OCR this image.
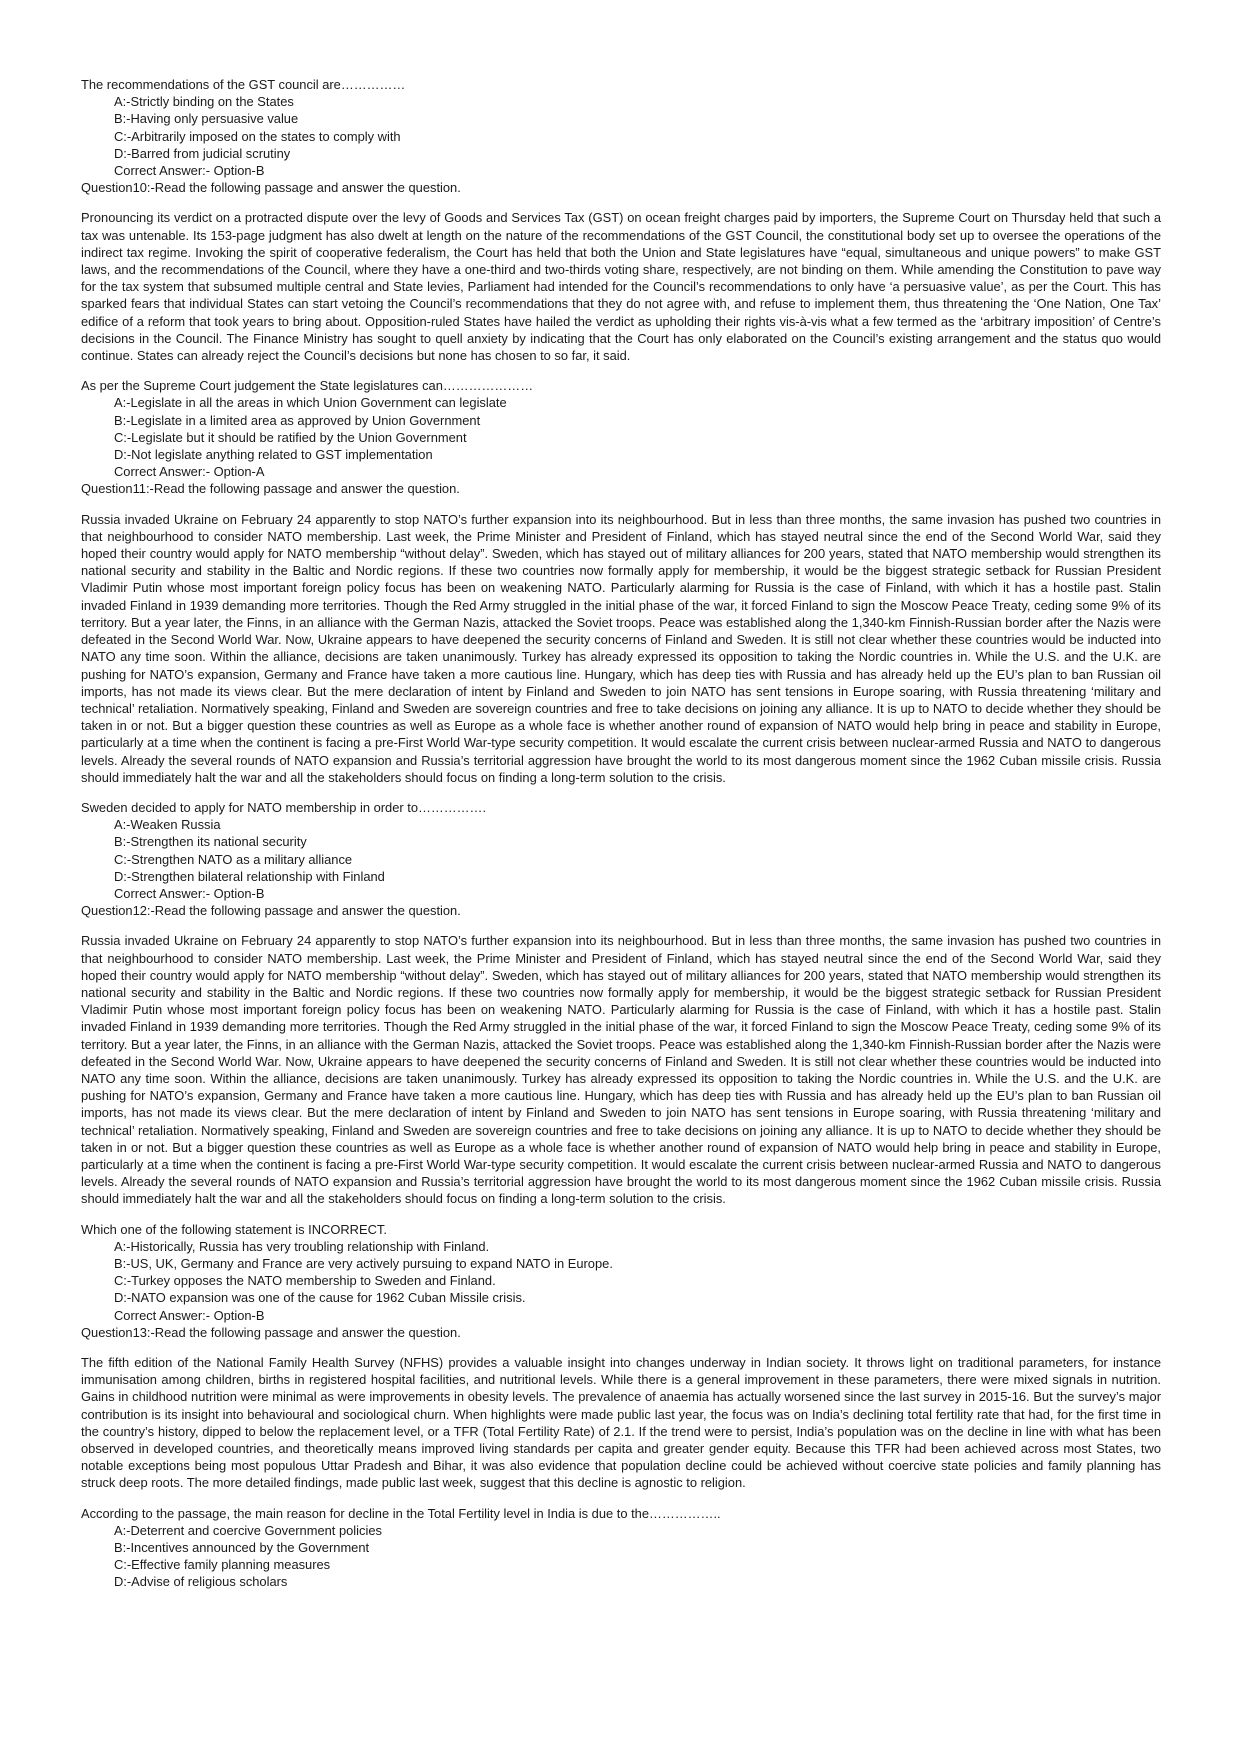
The recommendations of the GST council are……………
A:-Strictly binding on the States
B:-Having only persuasive value
C:-Arbitrarily imposed on the states to comply with
D:-Barred from judicial scrutiny
Correct Answer:- Option-B
Question10:-Read the following passage and answer the question.
Pronouncing its verdict on a protracted dispute over the levy of Goods and Services Tax (GST) on ocean freight charges paid by importers, the Supreme Court on Thursday held that such a tax was untenable. Its 153-page judgment has also dwelt at length on the nature of the recommendations of the GST Council, the constitutional body set up to oversee the operations of the indirect tax regime. Invoking the spirit of cooperative federalism, the Court has held that both the Union and State legislatures have “equal, simultaneous and unique powers” to make GST laws, and the recommendations of the Council, where they have a one-third and two-thirds voting share, respectively, are not binding on them. While amending the Constitution to pave way for the tax system that subsumed multiple central and State levies, Parliament had intended for the Council’s recommendations to only have ‘a persuasive value’, as per the Court. This has sparked fears that individual States can start vetoing the Council’s recommendations that they do not agree with, and refuse to implement them, thus threatening the ‘One Nation, One Tax’ edifice of a reform that took years to bring about. Opposition-ruled States have hailed the verdict as upholding their rights vis-à-vis what a few termed as the ‘arbitrary imposition’ of Centre’s decisions in the Council. The Finance Ministry has sought to quell anxiety by indicating that the Court has only elaborated on the Council’s existing arrangement and the status quo would continue. States can already reject the Council’s decisions but none has chosen to so far, it said.
As per the Supreme Court judgement the State legislatures can…………………
A:-Legislate in all the areas in which Union Government can legislate
B:-Legislate in a limited area as approved by Union Government
C:-Legislate but it should be ratified by the Union Government
D:-Not legislate anything related to GST implementation
Correct Answer:- Option-A
Question11:-Read the following passage and answer the question.
Russia invaded Ukraine on February 24 apparently to stop NATO’s further expansion into its neighbourhood. But in less than three months, the same invasion has pushed two countries in that neighbourhood to consider NATO membership. Last week, the Prime Minister and President of Finland, which has stayed neutral since the end of the Second World War, said they hoped their country would apply for NATO membership “without delay”. Sweden, which has stayed out of military alliances for 200 years, stated that NATO membership would strengthen its national security and stability in the Baltic and Nordic regions. If these two countries now formally apply for membership, it would be the biggest strategic setback for Russian President Vladimir Putin whose most important foreign policy focus has been on weakening NATO. Particularly alarming for Russia is the case of Finland, with which it has a hostile past. Stalin invaded Finland in 1939 demanding more territories. Though the Red Army struggled in the initial phase of the war, it forced Finland to sign the Moscow Peace Treaty, ceding some 9% of its territory. But a year later, the Finns, in an alliance with the German Nazis, attacked the Soviet troops. Peace was established along the 1,340-km Finnish-Russian border after the Nazis were defeated in the Second World War. Now, Ukraine appears to have deepened the security concerns of Finland and Sweden. It is still not clear whether these countries would be inducted into NATO any time soon. Within the alliance, decisions are taken unanimously. Turkey has already expressed its opposition to taking the Nordic countries in. While the U.S. and the U.K. are pushing for NATO’s expansion, Germany and France have taken a more cautious line. Hungary, which has deep ties with Russia and has already held up the EU’s plan to ban Russian oil imports, has not made its views clear. But the mere declaration of intent by Finland and Sweden to join NATO has sent tensions in Europe soaring, with Russia threatening ‘military and technical’ retaliation. Normatively speaking, Finland and Sweden are sovereign countries and free to take decisions on joining any alliance. It is up to NATO to decide whether they should be taken in or not. But a bigger question these countries as well as Europe as a whole face is whether another round of expansion of NATO would help bring in peace and stability in Europe, particularly at a time when the continent is facing a pre-First World War-type security competition. It would escalate the current crisis between nuclear-armed Russia and NATO to dangerous levels. Already the several rounds of NATO expansion and Russia’s territorial aggression have brought the world to its most dangerous moment since the 1962 Cuban missile crisis. Russia should immediately halt the war and all the stakeholders should focus on finding a long-term solution to the crisis.
Sweden decided to apply for NATO membership in order to…………….
A:-Weaken Russia
B:-Strengthen its national security
C:-Strengthen NATO as a military alliance
D:-Strengthen bilateral relationship with Finland
Correct Answer:- Option-B
Question12:-Read the following passage and answer the question.
Russia invaded Ukraine on February 24 apparently to stop NATO’s further expansion into its neighbourhood. But in less than three months, the same invasion has pushed two countries in that neighbourhood to consider NATO membership. Last week, the Prime Minister and President of Finland, which has stayed neutral since the end of the Second World War, said they hoped their country would apply for NATO membership “without delay”. Sweden, which has stayed out of military alliances for 200 years, stated that NATO membership would strengthen its national security and stability in the Baltic and Nordic regions. If these two countries now formally apply for membership, it would be the biggest strategic setback for Russian President Vladimir Putin whose most important foreign policy focus has been on weakening NATO. Particularly alarming for Russia is the case of Finland, with which it has a hostile past. Stalin invaded Finland in 1939 demanding more territories. Though the Red Army struggled in the initial phase of the war, it forced Finland to sign the Moscow Peace Treaty, ceding some 9% of its territory. But a year later, the Finns, in an alliance with the German Nazis, attacked the Soviet troops. Peace was established along the 1,340-km Finnish-Russian border after the Nazis were defeated in the Second World War. Now, Ukraine appears to have deepened the security concerns of Finland and Sweden. It is still not clear whether these countries would be inducted into NATO any time soon. Within the alliance, decisions are taken unanimously. Turkey has already expressed its opposition to taking the Nordic countries in. While the U.S. and the U.K. are pushing for NATO’s expansion, Germany and France have taken a more cautious line. Hungary, which has deep ties with Russia and has already held up the EU’s plan to ban Russian oil imports, has not made its views clear. But the mere declaration of intent by Finland and Sweden to join NATO has sent tensions in Europe soaring, with Russia threatening ‘military and technical’ retaliation. Normatively speaking, Finland and Sweden are sovereign countries and free to take decisions on joining any alliance. It is up to NATO to decide whether they should be taken in or not. But a bigger question these countries as well as Europe as a whole face is whether another round of expansion of NATO would help bring in peace and stability in Europe, particularly at a time when the continent is facing a pre-First World War-type security competition. It would escalate the current crisis between nuclear-armed Russia and NATO to dangerous levels. Already the several rounds of NATO expansion and Russia’s territorial aggression have brought the world to its most dangerous moment since the 1962 Cuban missile crisis. Russia should immediately halt the war and all the stakeholders should focus on finding a long-term solution to the crisis.
Which one of the following statement is INCORRECT.
A:-Historically, Russia has very troubling relationship with Finland.
B:-US, UK, Germany and France are very actively pursuing to expand NATO in Europe.
C:-Turkey opposes the NATO membership to Sweden and Finland.
D:-NATO expansion was one of the cause for 1962 Cuban Missile crisis.
Correct Answer:- Option-B
Question13:-Read the following passage and answer the question.
The fifth edition of the National Family Health Survey (NFHS) provides a valuable insight into changes underway in Indian society. It throws light on traditional parameters, for instance immunisation among children, births in registered hospital facilities, and nutritional levels. While there is a general improvement in these parameters, there were mixed signals in nutrition. Gains in childhood nutrition were minimal as were improvements in obesity levels. The prevalence of anaemia has actually worsened since the last survey in 2015-16. But the survey’s major contribution is its insight into behavioural and sociological churn. When highlights were made public last year, the focus was on India’s declining total fertility rate that had, for the first time in the country’s history, dipped to below the replacement level, or a TFR (Total Fertility Rate) of 2.1. If the trend were to persist, India’s population was on the decline in line with what has been observed in developed countries, and theoretically means improved living standards per capita and greater gender equity. Because this TFR had been achieved across most States, two notable exceptions being most populous Uttar Pradesh and Bihar, it was also evidence that population decline could be achieved without coercive state policies and family planning has struck deep roots. The more detailed findings, made public last week, suggest that this decline is agnostic to religion.
According to the passage, the main reason for decline in the Total Fertility level in India is due to the……………..
A:-Deterrent and coercive Government policies
B:-Incentives announced by the Government
C:-Effective family planning measures
D:-Advise of religious scholars
